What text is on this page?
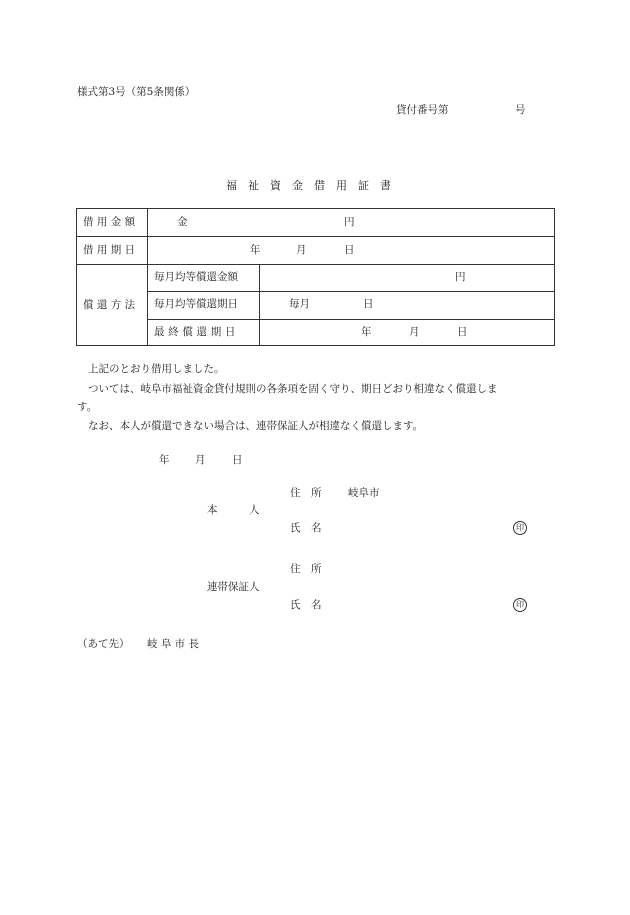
様式第3号（第5条関係）
貸付番号第	号
福　祉　資　金　借　用　証　書
借用金額	金	円
借用期日	年	月	日
償還方法
毎月均等償還金額	円
毎月均等償還期日	毎月	日
最終償還期日	年	月	日
上記のとおり借用しました。
ついては、岐阜市福祉資金貸付規則の各条項を固く守り、期日どおり相違なく償還しま
す。
なお、本人が償還できない場合は、連帯保証人が相違なく償還します。
年 月	日
住　所	岐阜市
本　　　人
氏　名	印
住　所
連帯保証人
氏　名	印
（あて先） 岐 阜 市 長
